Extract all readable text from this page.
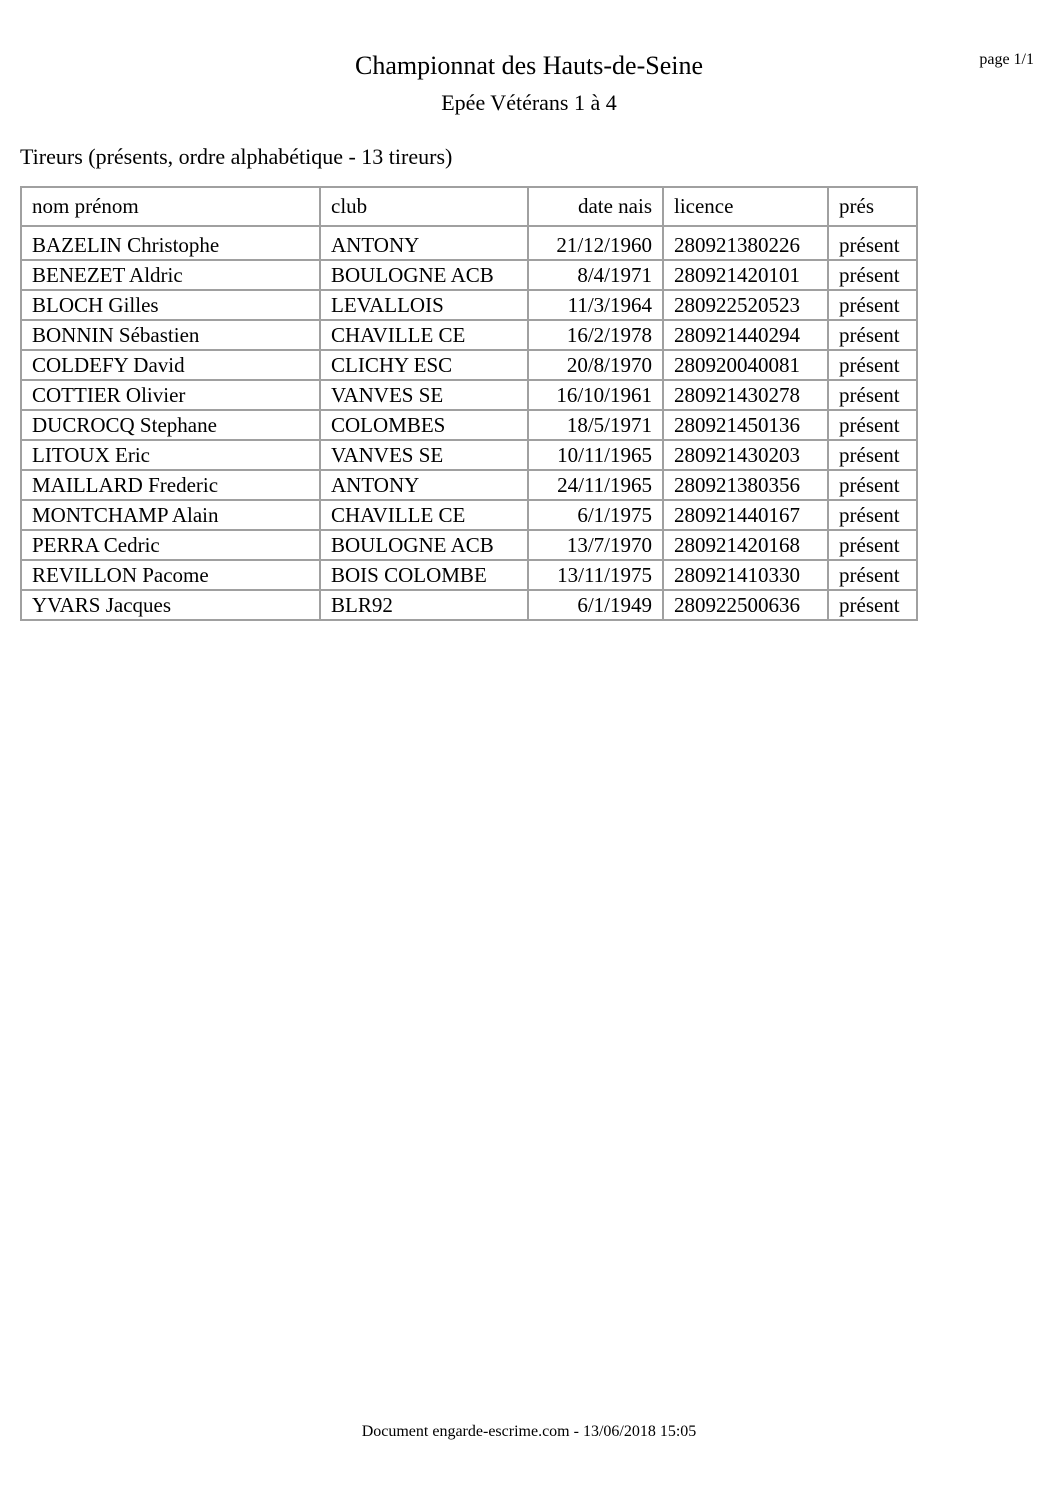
Championnat des Hauts-de-Seine
Epée Vétérans 1 à 4
page 1/1
Tireurs (présents, ordre alphabétique - 13 tireurs)
nom prénom	club	date nais	licence	prés
BAZELIN Christophe	ANTONY	21/12/1960	280921380226	présent
BENEZET Aldric	BOULOGNE ACB	8/4/1971	280921420101	présent
BLOCH Gilles	LEVALLOIS	11/3/1964	280922520523	présent
BONNIN Sébastien	CHAVILLE CE	16/2/1978	280921440294	présent
COLDEFY David	CLICHY ESC	20/8/1970	280920040081	présent
COTTIER Olivier	VANVES SE	16/10/1961	280921430278	présent
DUCROCQ Stephane	COLOMBES	18/5/1971	280921450136	présent
LITOUX Eric	VANVES SE	10/11/1965	280921430203	présent
MAILLARD Frederic	ANTONY	24/11/1965	280921380356	présent
MONTCHAMP Alain	CHAVILLE CE	6/1/1975	280921440167	présent
PERRA Cedric	BOULOGNE ACB	13/7/1970	280921420168	présent
REVILLON Pacome	BOIS COLOMBE	13/11/1975	280921410330	présent
YVARS Jacques	BLR92	6/1/1949	280922500636	présent
Document engarde-escrime.com - 13/06/2018 15:05
